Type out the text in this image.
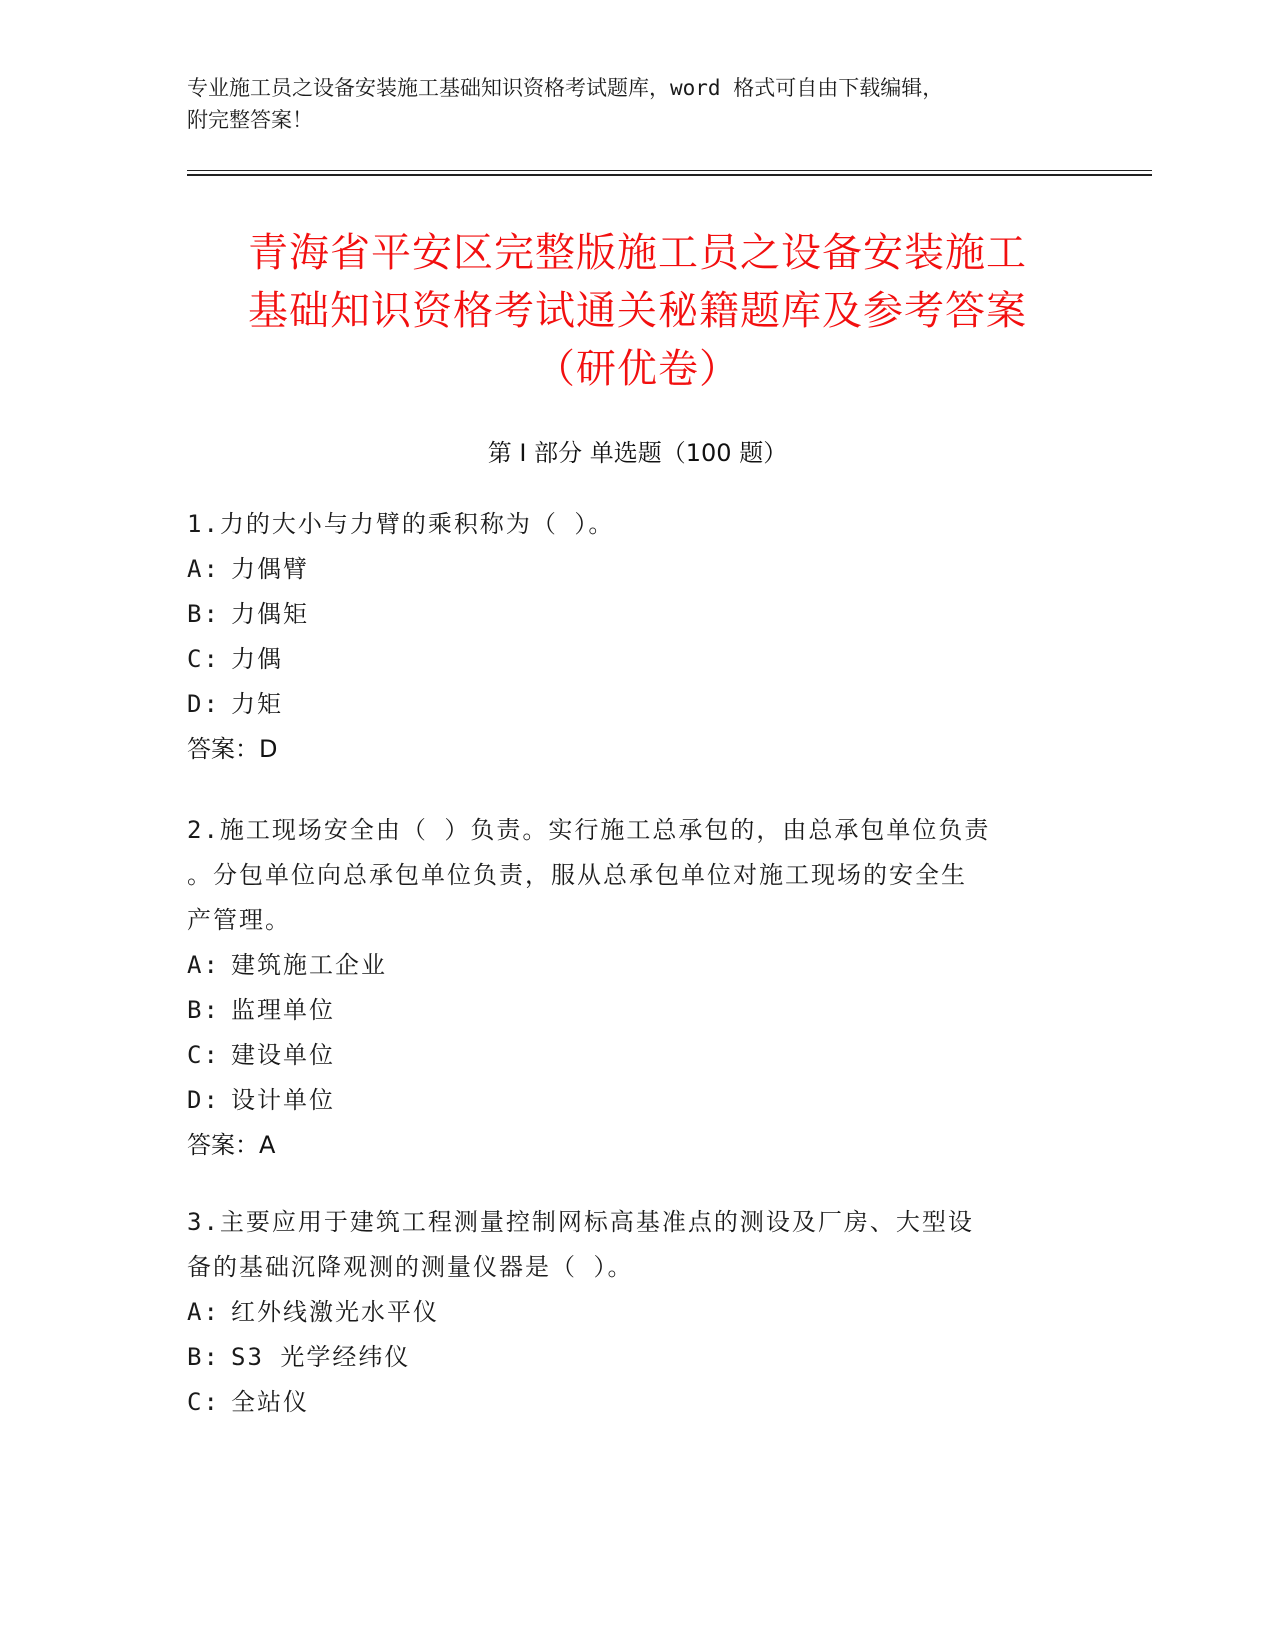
专业施工员之设备安装施工基础知识资格考试题库，word 格式可自由下载编辑，
附完整答案！
青海省平安区完整版施工员之设备安装施工
基础知识资格考试通关秘籍题库及参考答案
（研优卷）
第 I 部分 单选题（100 题）
1.力的大小与力臂的乘积称为（ ）。
A: 力偶臂
B: 力偶矩
C: 力偶
D: 力矩
答案：D
2.施工现场安全由（ ）负责。实行施工总承包的，由总承包单位负责
。分包单位向总承包单位负责，服从总承包单位对施工现场的安全生
产管理。
A: 建筑施工企业
B: 监理单位
C: 建设单位
D: 设计单位
答案：A
3.主要应用于建筑工程测量控制网标高基准点的测设及厂房、大型设
备的基础沉降观测的测量仪器是（ ）。
A: 红外线激光水平仪
B: S3 光学经纬仪
C: 全站仪
